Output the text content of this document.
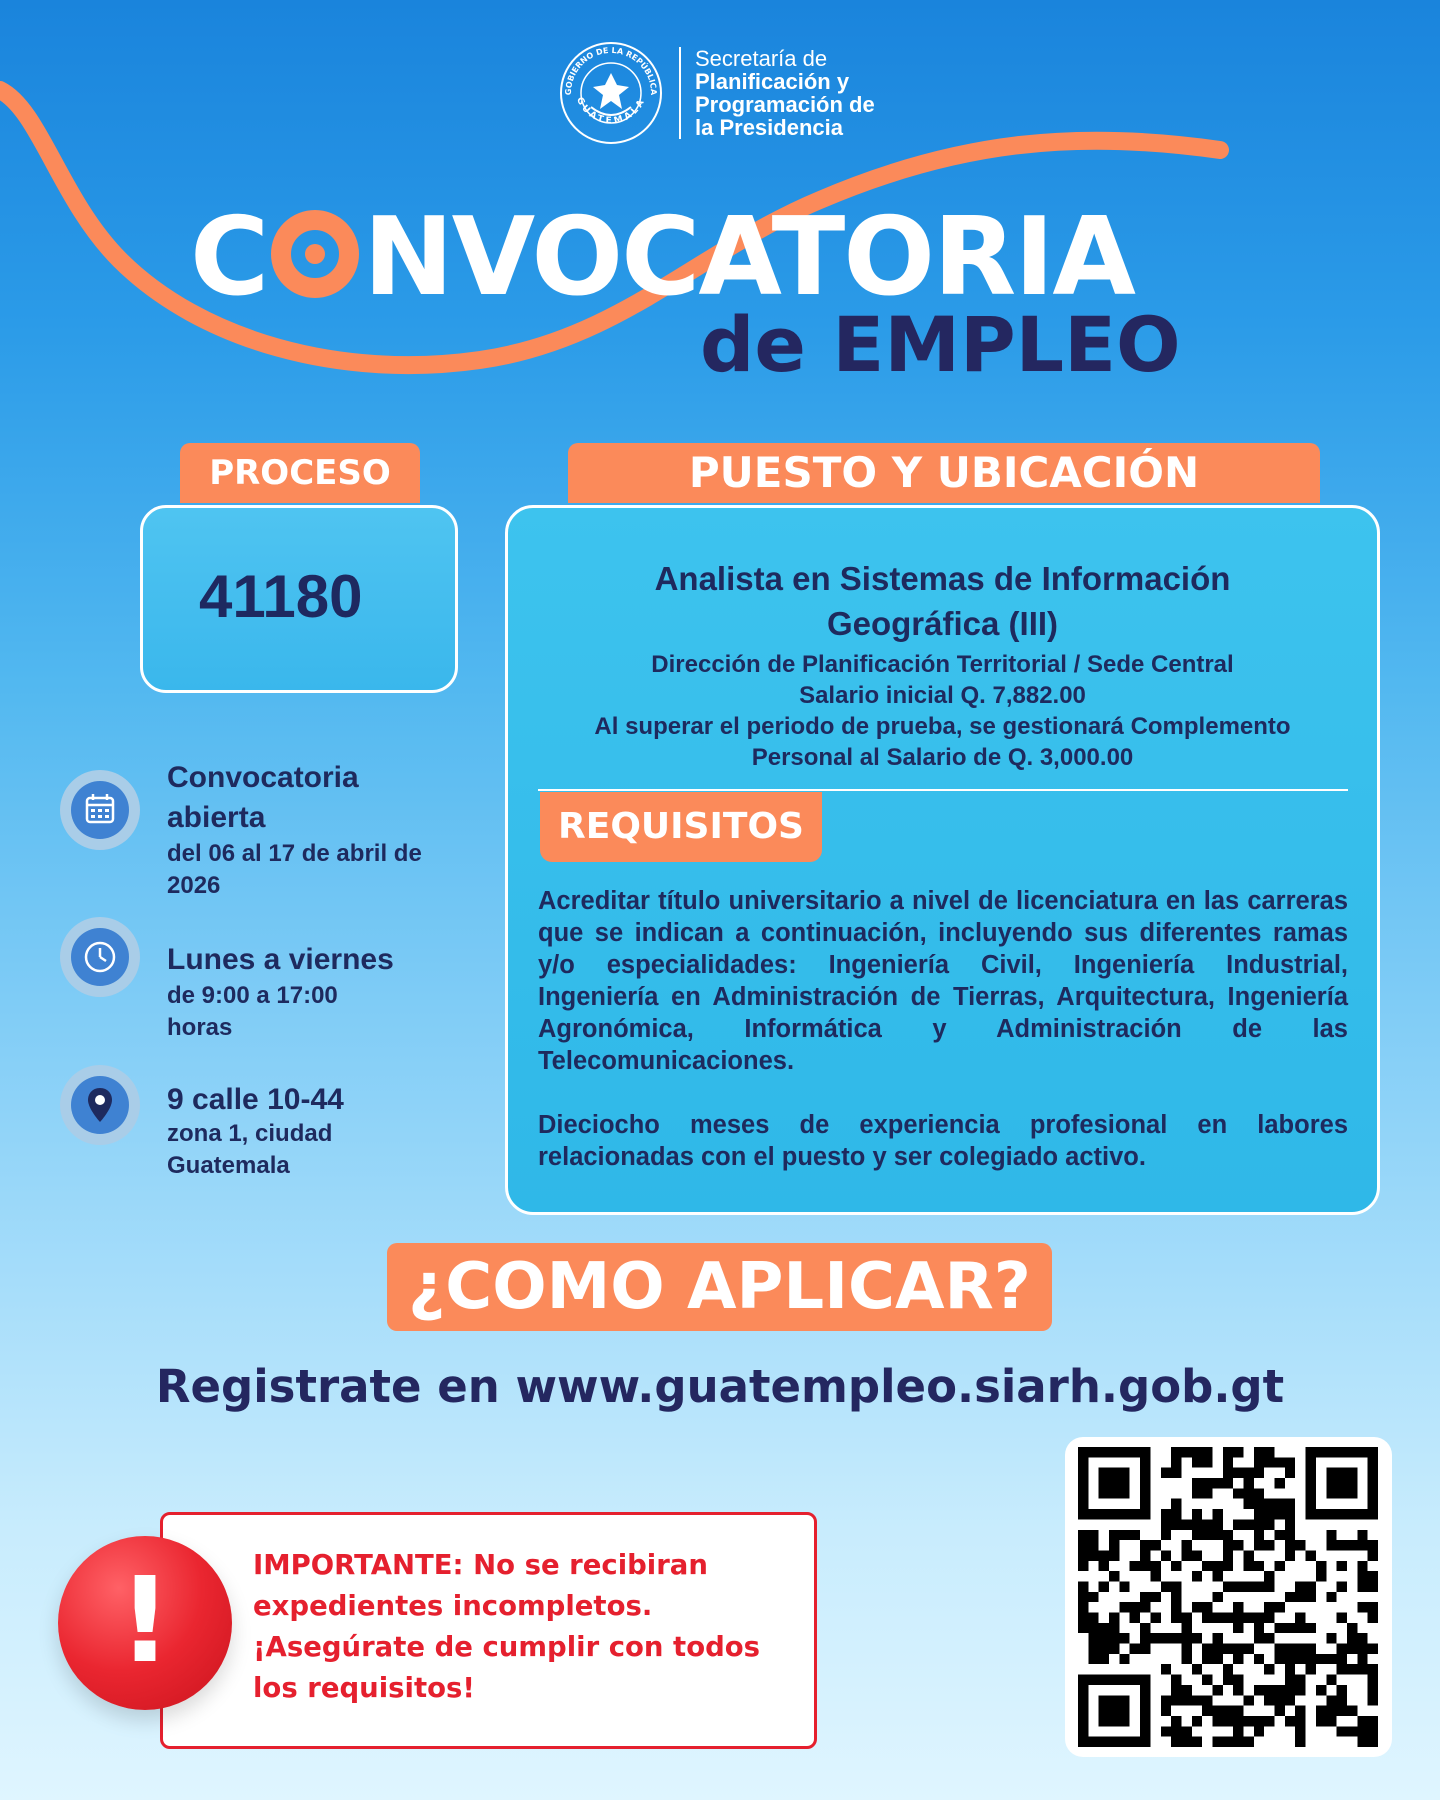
GOBIERNO DE LA REPÚBLICA
GUATEMALA
Secretaría de
Planificación y
Programación de
la Presidencia
C NVOCATORIA
de EMPLEO
PROCESO
41180
PUESTO Y UBICACIÓN
Analista en Sistemas de Información
Geográfica (III)
Dirección de Planificación Territorial / Sede Central
Salario inicial Q. 7,882.00
Al superar el periodo de prueba, se gestionará Complemento
Personal al Salario de Q. 3,000.00
REQUISITOS
Acreditar título universitario a nivel de licenciatura en las carreras que se indican a continuación, incluyendo sus diferentes ramas y/o especialidades: Ingeniería Civil, Ingeniería Industrial, Ingeniería en Administración de Tierras, Arquitectura, Ingeniería Agronómica, Informática y Administración de las Telecomunicaciones.
Dieciocho meses de experiencia profesional en labores relacionadas con el puesto y ser colegiado activo.
Convocatoria
abierta
del 06 al 17 de abril de
2026
Lunes a viernes
de 9:00 a 17:00
horas
9 calle 10-44
zona 1, ciudad
Guatemala
¿COMO APLICAR?
Registrate en www.guatempleo.siarh.gob.gt
IMPORTANTE: No se recibiran
expedientes incompletos.
¡Asegúrate de cumplir con todos
los requisitos!
!
